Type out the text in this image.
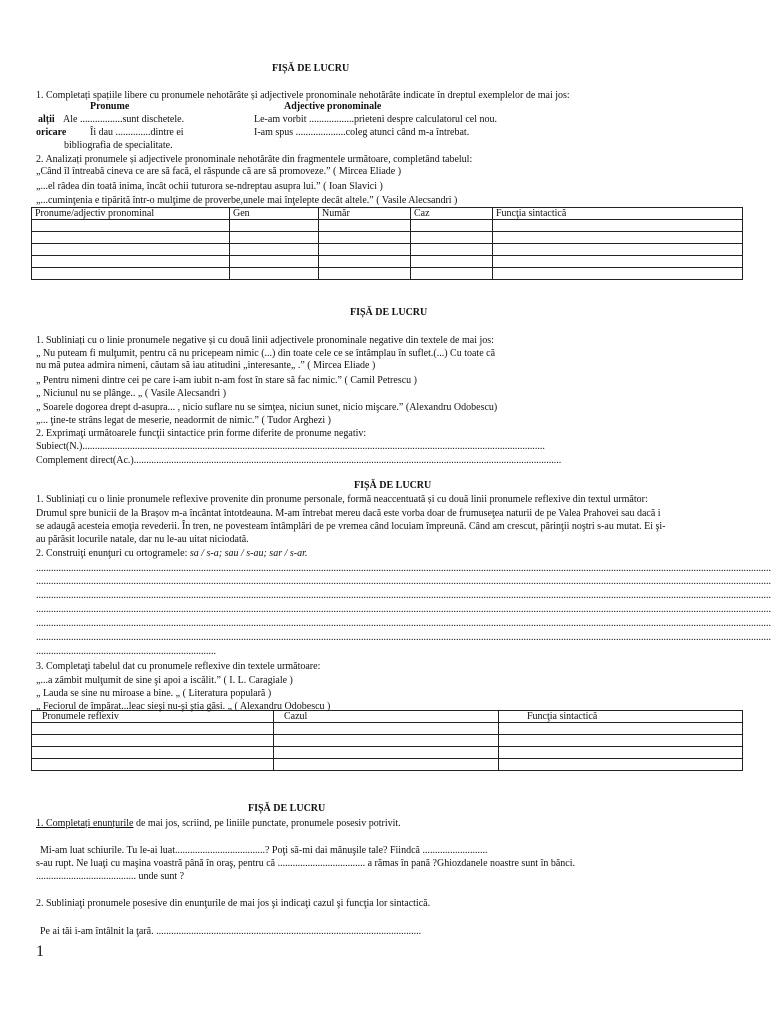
FIȘĂ DE LUCRU
1. Completați spațiile libere cu pronumele nehotărâte și adjectivele pronominale nehotărâte indicate în dreptul exemplelor de mai jos:
Pronume	Adjective pronominale
alții Ale .................sunt dischetele.	Le-am vorbit ..................prieteni despre calculatorul cel nou.
oricare Îi dau ..............dintre ei	I-am spus ....................coleg atunci când m-a întrebat.
bibliografia de specialitate.
2. Analizați pronumele și adjectivele pronominale nehotărâte din fragmentele următoare, completând tabelul:
„Când îl întreabă cineva ce are să facă, el răspunde că are să promoveze.” ( Mircea Eliade )
„...el râdea din toată inima, încât ochii tuturora se-ndreptau asupra lui.” ( Ioan Slavici )
„...cuminţenia e tipărită într-o mulţime de proverbe,unele mai înţelepte decât altele.” ( Vasile Alecsandri )
Pronume/adjectiv pronominal	Gen	Număr	Caz	Funcţia sintactică

FIȘĂ DE LUCRU
1. Subliniați cu o linie pronumele negative și cu două linii adjectivele pronominale negative din textele de mai jos:
„ Nu puteam fi mulţumit, pentru că nu pricepeam nimic (...) din toate cele ce se întâmplau în suflet.(...) Cu toate că
nu mă putea admira nimeni, căutam să iau atitudini „interesante„ .” ( Mircea Eliade )
„ Pentru nimeni dintre cei pe care i-am iubit n-am fost în stare să fac nimic.” ( Camil Petrescu )
„ Niciunul nu se plânge.. „ ( Vasile Alecsandri )
„ Soarele dogorea drept d-asupra... , nicio suflare nu se simţea, niciun sunet, nicio mişcare.” (Alexandru Odobescu)
„... ţine-te strâns legat de meserie, neadormit de nimic.” ( Tudor Arghezi )
2. Exprimaţi următoarele funcţii sintactice prin forme diferite de pronume negativ:
Subiect(N.).........................................................................................................................................................................................
Complement direct(Ac.)...........................................................................................................................................................................
FIȘĂ DE LUCRU
1. Subliniați cu o linie pronumele reflexive provenite din pronume personale, formă neaccentuată și cu două linii pronumele reflexive din textul următor:
Drumul spre bunicii de la Brașov m-a încântat întotdeauna. M-am întrebat mereu dacă este vorba doar de frumuseţea naturii de pe Valea Prahovei sau dacă i
se adaugă acesteia emoţia revederii. În tren, ne povesteam întâmplări de pe vremea când locuiam împreună. Când am crescut, părinţii noştri s-au mutat. Ei şi-
au părăsit locurile natale, dar nu le-au uitat niciodată.
2. Construiţi enunţuri cu ortogramele: sa / s-a; sau / s-au; sar / s-ar.
......................................................................................................................................................................................................................................................................................................
......................................................................................................................................................................................................................................................................................................
......................................................................................................................................................................................................................................................................................................
......................................................................................................................................................................................................................................................................................................
......................................................................................................................................................................................................................................................................................................
......................................................................................................................................................................................................................................................................................................
........................................................................
3. Completaţi tabelul dat cu pronumele reflexive din textele următoare:
„...a zâmbit mulţumit de sine şi apoi a iscălit.” ( I. L. Caragiale )
„ Lauda se sine nu miroase a bine. „ ( Literatura populară )
„ Feciorul de împărat...leac sieşi nu-şi ştia găsi. „ ( Alexandru Odobescu )
Pronumele reflexiv	Cazul	Funcţia sintactică

FIȘĂ DE LUCRU
1. Completați enunțurile de mai jos, scriind, pe liniile punctate, pronumele posesiv potrivit.
Mi-am luat schiurile. Tu le-ai luat....................................? Poţi să-mi dai mănuşile tale? Fiindcă ..........................
s-au rupt. Ne luaţi cu maşina voastră până în oraş, pentru că ................................... a rămas în pană ?Ghiozdanele noastre sunt în bănci.
........................................ unde sunt ?
2. Subliniaţi pronumele posesive din enunţurile de mai jos şi indicaţi cazul şi funcţia lor sintactică.
Pe ai tăi i-am întâlnit la ţară. ..........................................................................................................
1
